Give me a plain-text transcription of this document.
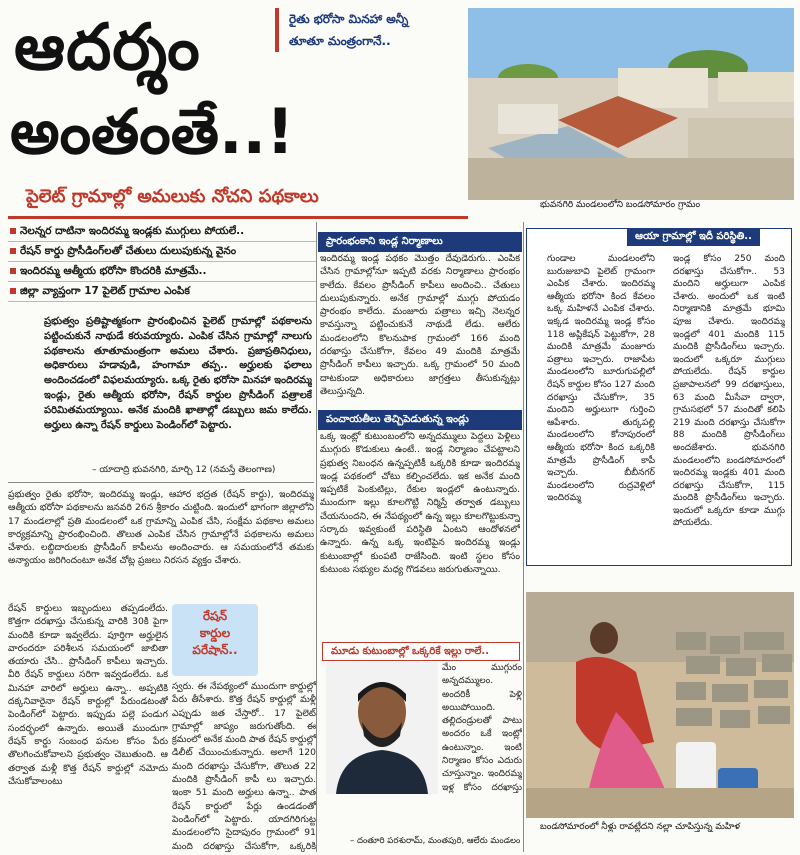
ఆదర్శం
అంతంతే..!
రైతు భరోసా మినహా అన్నీ
తూతూ మంత్రంగానే..
భువనగిరి మండలంలోని బండసోమారం గ్రామం
పైలెట్ గ్రామాల్లో అమలుకు నోచని పథకాలు
నెలన్నర దాటినా ఇందిరమ్మ ఇండ్లకు ముగ్గులు పోయలే..
రేషన్ కార్డు ప్రొసీడింగ్‌లతో చేతులు దులుపుకున్న వైనం
ఇందిరమ్మ ఆత్మీయ భరోసా కొందరికి మాత్రమే..
జిల్లా వ్యాప్తంగా 17 పైలెట్ గ్రామాల ఎంపిక
ప్రభుత్వం ప్రతిష్టాత్మకంగా ప్రారంభించిన పైలెట్ గ్రామాల్లో పథకాలను పట్టించుకునే నాథుడే కరువయ్యారు. ఎంపిక చేసిన గ్రామాల్లో నాలుగు పథకాలను తూతూమంత్రంగా అమలు చేశారు. ప్రజాప్రతినిధులు, అధికారులు హడావుడి, హంగామా తప్ప.. అర్హులకు ఫలాలు అందించడంలో విఫలమయ్యారు. ఒక్క రైతు భరోసా మినహా ఇందిరమ్మ ఇండ్లు, రైతు ఆత్మీయ భరోసా, రేషన్ కార్డుల ప్రొసీడింగ్ పత్రాలకే పరిమితమయ్యాయి. అనేక మందికి ఖాతాల్లో డబ్బులు జమ కాలేదు. అర్హులు ఉన్నా రేషన్ కార్డులు పెండింగ్‌లో పెట్టారు.
– యాదాద్రి భువనగిరి, మార్చి 12 (నమస్తే తెలంగాణ)
ప్రభుత్వం రైతు భరోసా, ఇందిరమ్మ ఇండ్లు, ఆహార భద్రత (రేషన్ కార్డు), ఇందిరమ్మ ఆత్మీయ భరోసా పథకాలను జనవరి 26న శ్రీకారం చుట్టింది. ఇందులో భాగంగా జిల్లాలోని 17 మండలాల్లో ప్రతి మండలంలో ఒక గ్రామాన్ని ఎంపిక చేసి, సంక్షేమ పథకాల అమలు కార్యక్రమాన్ని ప్రారంభించింది. తొలుత ఎంపిక చేసిన గ్రామాల్లోనే పథకాలను అమలు చేశారు. లబ్ధిదారులకు ప్రొసీడింగ్ కాపీలను అందించారు. ఆ సమయంలోనే తమకు అన్యాయం జరిగిందంటూ అనేక చోట్ల ప్రజలు నిరసన వ్యక్తం చేశారు.
రేషన్ కార్డులు ఇబ్బందులు తప్పడంలేదు. కొత్తగా దరఖాస్తు చేసుకున్న వారికి 30కి పైగా మందికి కూడా ఇవ్వలేదు. పూర్తిగా అర్హులైన వారందరూ పరిశీలన సమయంలో జాబితా తయారు చేసి.. ప్రొసీడింగ్ కాపీలు ఇచ్చారు. వీరి రేషన్ కార్డులు సరిగా ఇవ్వడంలేదు. ఒక మినహా వారిలో అర్హులు ఉన్నా.. అప్పటికి దక్కనివారైనా రేషన్ కార్డుల్లో పేరుండటంతో పెండింగ్‌లో పెట్టారు. ఇప్పుడు పల్లె పండుగ సందర్భంలో ఉన్నారు. అయితే ముందుగా రేషన్ కార్డు సంబంధ పనుల కోసం పేరు తొలగించుకోవాలని ప్రభుత్వం చెబుతుంది. ఆ తర్వాత మళ్లీ కొత్త రేషన్ కార్డుల్లో నమోదు చేసుకోవాలంటు
రేషన్
కార్డుల
పరేషాన్..
స్వరు. ఈ నేపథ్యంలో ముందుగా కార్డుల్లో పేరు తీసేశారు. కొత్త రేషన్ కార్డుల్లో మళ్లీ ఎప్పుడు జత చేస్తారో.. 17 పైలెట్ గ్రామాల్లో జాప్యం జరుగుతోంది. ఈ క్రమంలో అనేక మంది పాత రేషన్ కార్డుల్లో డిలీట్ చేయించుకున్నారు. అలాగే 120 మంది దరఖాస్తు చేసుకోగా, తొలుత 22 మందికి ప్రొసీడింగ్ కాపీ లు ఇచ్చారు. ఇంకా 51 మంది అర్హులు ఉన్నా.. పాత రేషన్ కార్డులో పేర్లు ఉండడంతో పెండింగ్‌లో పెట్టారు. యాదగిరిగుట్ట మండలంలోని సైదాపురం గ్రామంలో 91 మంది దరఖాస్తు చేసుకోగా, ఒక్కరికి
ప్రారంభంకాని ఇండ్ల నిర్మాణాలు
ఇందిరమ్మ ఇండ్ల పథకం మొత్తం దేవుడెరుగు.. ఎంపిక చేసిన గ్రామాల్లోనూ ఇప్పటి వరకు నిర్మాణాలు ప్రారంభం కాలేదు. కేవలం ప్రొసీడింగ్ కాపీలు అందించి.. చేతులు దులుపుకున్నారు. అనేక గ్రామాల్లో ముగ్గు పోయడం ప్రారంభం కాలేదు. మంజూరు పత్రాలు ఇచ్చి నెలన్నర కావస్తున్నా పట్టించుకునే నాథుడే లేడు. ఆలేరు మండలంలోని కొలనుపాక గ్రామంలో 166 మంది దరఖాస్తు చేసుకోగా, కేవలం 49 మందికి మాత్రమే ప్రొసీడింగ్ కాపీలు ఇచ్చారు. ఒక్క గ్రామంలో 50 మంది దాటకుండా అధికారులు జాగ్రత్తలు తీసుకున్నట్లు తెలుస్తున్నది.
పంచాయతీలు తెచ్చిపెడుతున్న ఇండ్లు
ఒక్క ఇంట్లో కుటుంబంలోని అన్నదమ్ములు పెద్దలు పెళ్లిలు ముగ్గురు కొడుకులు ఉంటే.. ఇండ్ల నిర్మాణం చేపట్టాలని ప్రభుత్వ నిబంధన ఉన్నప్పటికీ ఒక్కరికి కూడా ఇందిరమ్మ ఇండ్ల పథకంలో చోటు కల్పించలేదు. ఇక అనేక మంది ఇప్పటికే పెంకుటిల్లు, రేకుల ఇండ్లలో ఉంటున్నారు. ముందుగా ఇల్లు కూలగొట్టి నిర్మిస్తే తర్వాత డబ్బులు చేయనుందని, ఈ నేపథ్యంలో ఉన్న ఇల్లు కూలగొట్టుకున్నా సర్కారు ఇవ్వకుంటే పరిస్థితి ఏంటని ఆందోళనలో ఉన్నారు. ఉన్న ఒక్క ఇంటిపైన ఇందిరమ్మ ఇండ్లు కుటుంబాల్లో కుంపటి రాజేసింది. ఇంటి స్థలం కోసం కుటుంబ సభ్యుల మధ్య గొడవలు జరుగుతున్నాయి.
మూడు కుటుంబాల్లో ఒక్కరికే ఇల్లు రాలే..
మేం ముగ్గురం అన్నదమ్ములం. అందరికీ పెళ్లి అయిపోయింది. తల్లిదండ్రులతో పాటు అందరం ఒకే ఇంట్లో ఉంటున్నాం. ఇంటి నిర్మాణం కోసం ఎదురు చూస్తున్నాం. ఇందిరమ్మ ఇళ్ల కోసం దరఖాస్తు
– దంతూరి పరశురామ్, మంతపురి, ఆలేరు మండలం
ఆయా గ్రామాల్లో ఇదీ పరిస్థితి..
గుండాల మండలంలోని బురుజుబావి పైలెట్ గ్రామంగా ఎంపిక చేశారు. ఇందిరమ్మ ఆత్మీయ భరోసా కింద కేవలం ఒక్క మహిళనే ఎంపిక చేశారు. ఇక్కడ ఇందిరమ్మ ఇండ్ల కోసం 118 అప్లికేషన్ పెట్టుకోగా, 28 మందికి మాత్రమే మంజూరు పత్రాలు ఇచ్చారు. రాజాపేట మండలంలోని బూరుగుపల్లిలో రేషన్ కార్డుల కోసం 127 మంది దరఖాస్తు చేసుకోగా, 35 మందిని అర్హులుగా గుర్తించి ఆపేశారు. తుర్కపల్లి మండలంలోని కోనాపురంలో ఆత్మీయ భరోసా కింద ఒక్కరికి మాత్రమే ప్రొసీడింగ్ కాపీ ఇచ్చారు. బీబీనగర్ మండలంలోని రుద్రవెళ్లిలో ఇందిరమ్మ
ఇండ్ల కోసం 250 మంది దరఖాస్తు చేసుకోగా.. 53 మందిని అర్హులుగా ఎంపిక చేశారు. అందులో ఒక ఇంటి నిర్మాణానికి మాత్రమే భూమి పూజ చేశారు. ఇందిరమ్మ ఇండ్లలో 401 మందికి 115 మందికి ప్రొసీడింగ్‌లు ఇచ్చారు. ఇందులో ఒక్కరూ ముగ్గులు పోయలేదు. రేషన్ కార్డుల ప్రజాపాలనలో 99 దరఖాస్తులు, 63 మంది మీసేవా ద్వారా, గ్రామసభలో 57 మందితో కలిపి 219 మంది దరఖాస్తు చేసుకోగా 88 మందికి ప్రొసీడింగ్‌లు అందజేశారు. భువనగిరి మండలంలోని బండసోమారంలో ఇందిరమ్మ ఇండ్లకు 401 మంది దరఖాస్తు చేసుకోగా, 115 మందికి ప్రొసీడింగ్‌లు ఇచ్చారు. ఇందులో ఒక్కరూ కూడా ముగ్గు పోయలేదు.
బండసోమారంలో నీళ్లు రావట్లేదని నల్లా చూపిస్తున్న మహిళ
